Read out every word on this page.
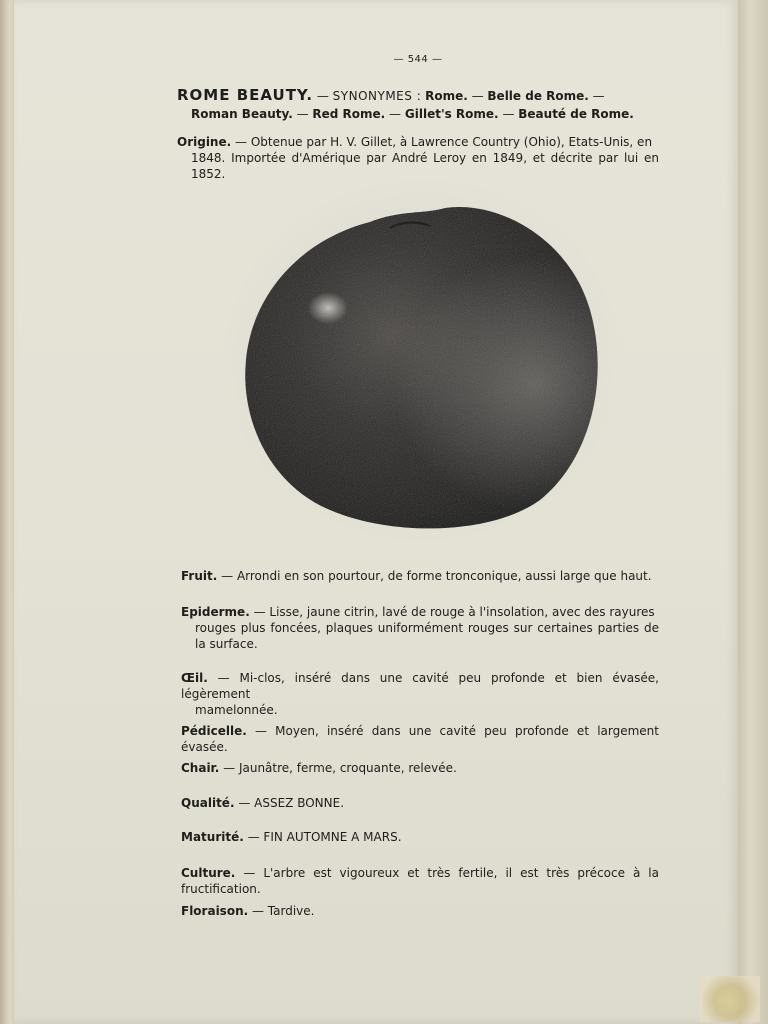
— 544 —
ROME BEAUTY. — SYNONYMES : Rome. — Belle de Rome. —
Roman Beauty. — Red Rome. — Gillet's Rome. — Beauté de Rome.
Origine. — Obtenue par H. V. Gillet, à Lawrence Country (Ohio), Etats-Unis, en
1848. Importée d'Amérique par André Leroy en 1849, et décrite par lui en 1852.
Fruit. — Arrondi en son pourtour, de forme tronconique, aussi large que haut.
Epiderme. — Lisse, jaune citrin, lavé de rouge à l'insolation, avec des rayures
rouges plus foncées, plaques uniformément rouges sur certaines parties de la surface.
Œil. — Mi-clos, inséré dans une cavité peu profonde et bien évasée, légèrement
mamelonnée.
Pédicelle. — Moyen, inséré dans une cavité peu profonde et largement évasée.
Chair. — Jaunâtre, ferme, croquante, relevée.
Qualité. — ASSEZ BONNE.
Maturité. — FIN AUTOMNE A MARS.
Culture. — L'arbre est vigoureux et très fertile, il est très précoce à la fructification.
Floraison. — Tardive.
